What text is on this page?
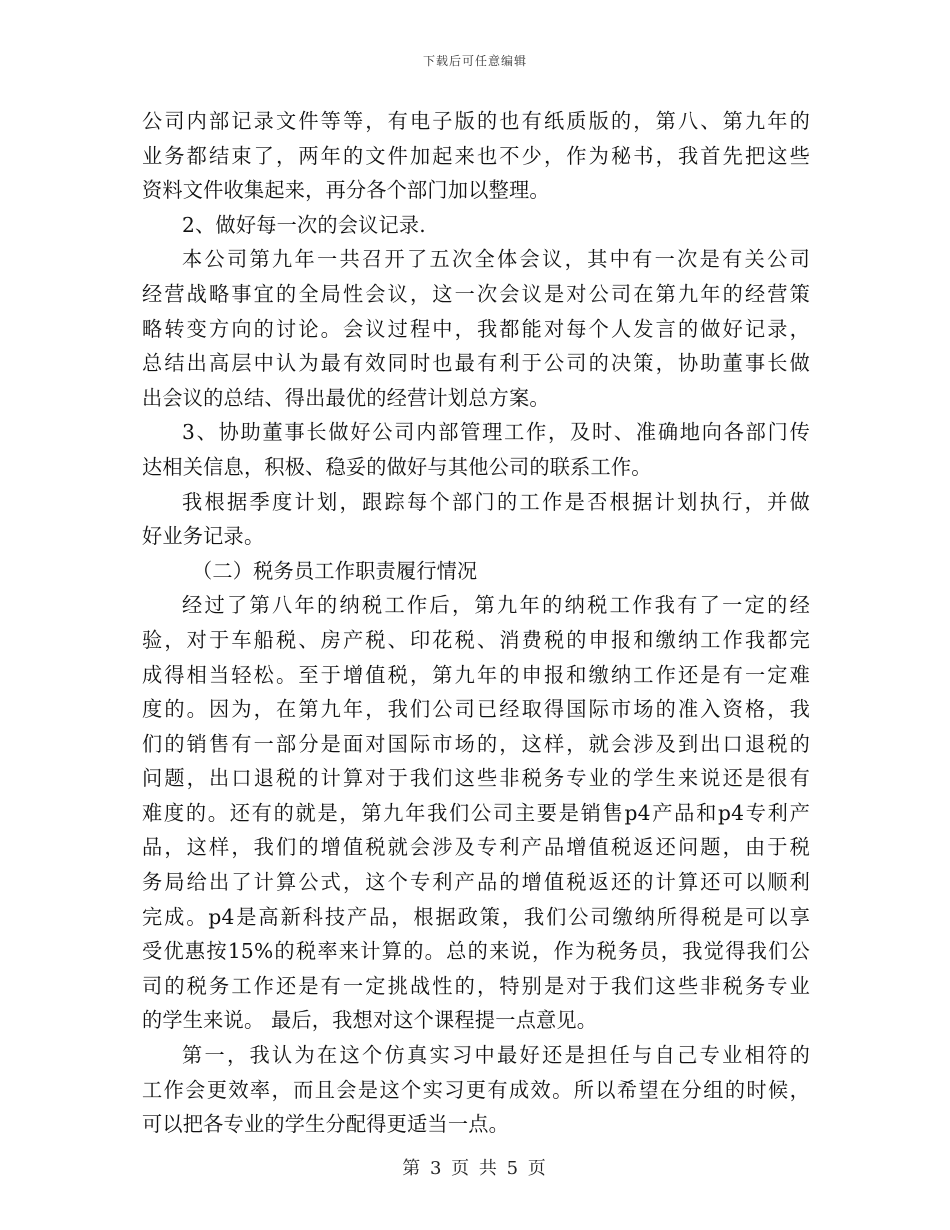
下载后可任意编辑
公司内部记录文件等等，有电子版的也有纸质版的，第八、第九年的
业务都结束了，两年的文件加起来也不少，作为秘书，我首先把这些
资料文件收集起来，再分各个部门加以整理。
2、做好每一次的会议记录.
本公司第九年一共召开了五次全体会议，其中有一次是有关公司
经营战略事宜的全局性会议，这一次会议是对公司在第九年的经营策
略转变方向的讨论。会议过程中，我都能对每个人发言的做好记录，
总结出高层中认为最有效同时也最有利于公司的决策，协助董事长做
出会议的总结、得出最优的经营计划总方案。
3、协助董事长做好公司内部管理工作，及时、准确地向各部门传
达相关信息，积极、稳妥的做好与其他公司的联系工作。
我根据季度计划，跟踪每个部门的工作是否根据计划执行，并做
好业务记录。
（二）税务员工作职责履行情况
经过了第八年的纳税工作后，第九年的纳税工作我有了一定的经
验，对于车船税、房产税、印花税、消费税的申报和缴纳工作我都完
成得相当轻松。至于增值税，第九年的申报和缴纳工作还是有一定难
度的。因为，在第九年，我们公司已经取得国际市场的准入资格，我
们的销售有一部分是面对国际市场的，这样，就会涉及到出口退税的
问题，出口退税的计算对于我们这些非税务专业的学生来说还是很有
难度的。还有的就是，第九年我们公司主要是销售p4产品和p4专利产
品，这样，我们的增值税就会涉及专利产品增值税返还问题，由于税
务局给出了计算公式，这个专利产品的增值税返还的计算还可以顺利
完成。p4是高新科技产品，根据政策，我们公司缴纳所得税是可以享
受优惠按15%的税率来计算的。总的来说，作为税务员，我觉得我们公
司的税务工作还是有一定挑战性的，特别是对于我们这些非税务专业
的学生来说。 最后，我想对这个课程提一点意见。
第一，我认为在这个仿真实习中最好还是担任与自己专业相符的
工作会更效率，而且会是这个实习更有成效。所以希望在分组的时候，
可以把各专业的学生分配得更适当一点。
第 3 页 共 5 页
